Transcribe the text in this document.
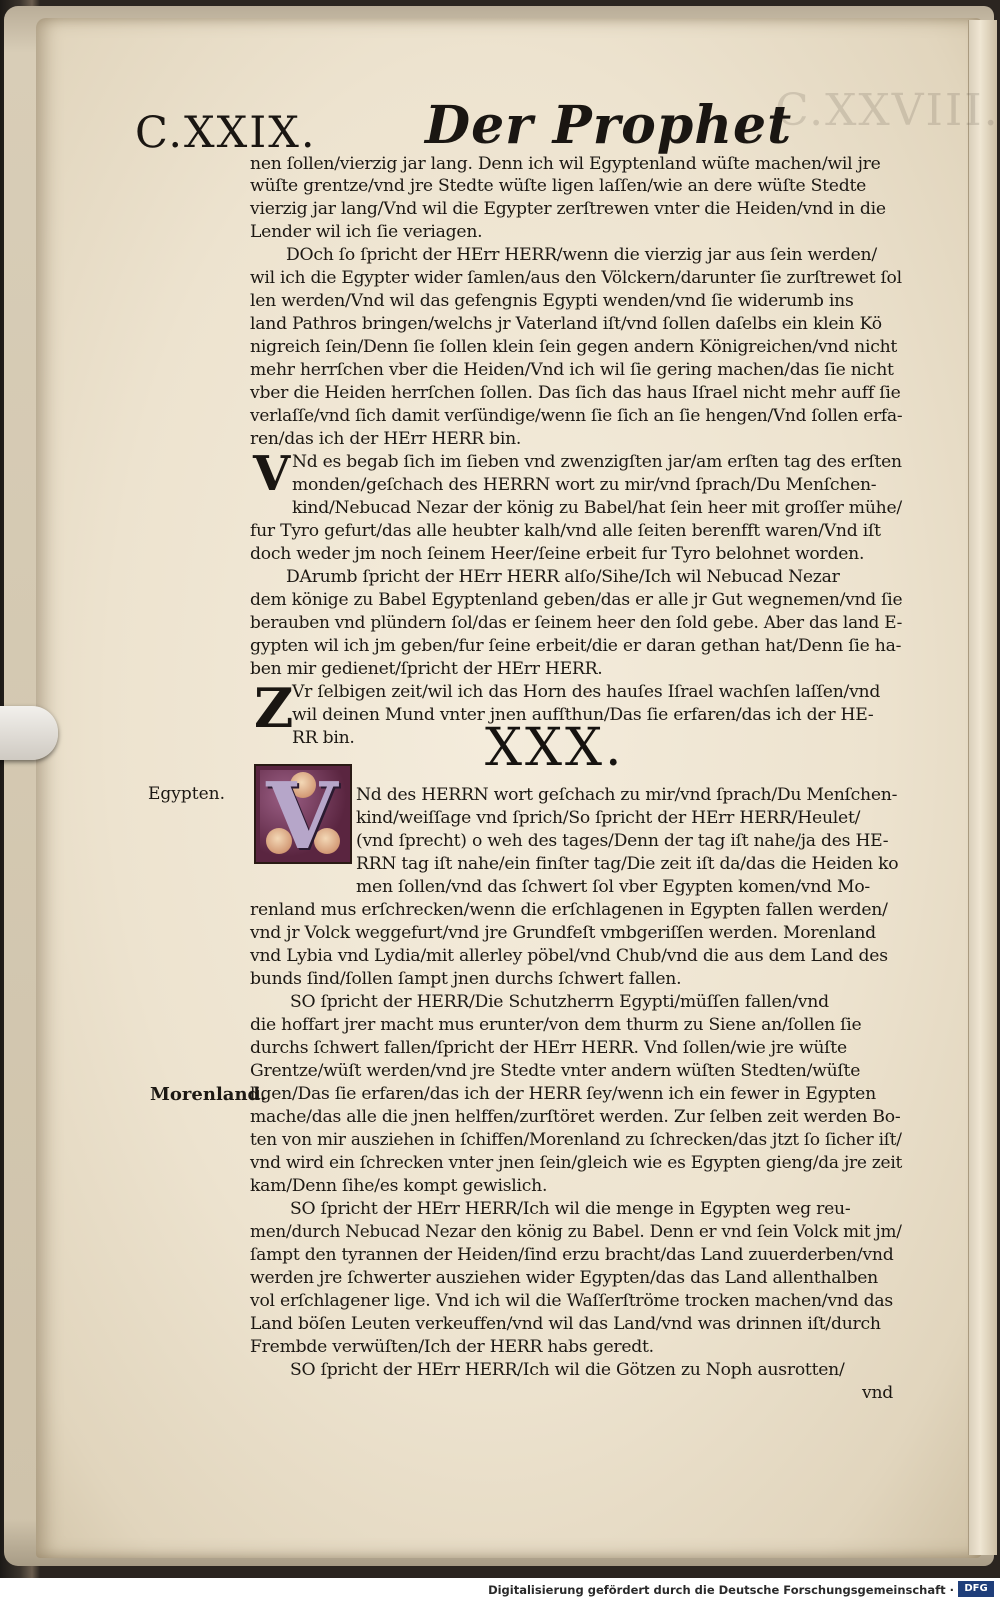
C.XXVIII.
C.XXIX. Der Prophet
nen ſollen/vierzig jar lang. Denn ich wil Egyptenland wüſte machen/wil jre
wüſte grentze/vnd jre Stedte wüſte ligen laſſen/wie an dere wüſte Stedte
vierzig jar lang/Vnd wil die Egypter zerſtrewen vnter die Heiden/vnd in die
Lender wil ich ſie veriagen.
DOch ſo ſpricht der HErr HERR/wenn die vierzig jar aus ſein werden/
wil ich die Egypter wider ſamlen/aus den Völckern/darunter ſie zurſtrewet ſol
len werden/Vnd wil das gefengnis Egypti wenden/vnd ſie widerumb ins
land Pathros bringen/welchs jr Vaterland iſt/vnd ſollen daſelbs ein klein Kö
nigreich ſein/Denn ſie ſollen klein ſein gegen andern Königreichen/vnd nicht
mehr herrſchen vber die Heiden/Vnd ich wil ſie gering machen/das ſie nicht
vber die Heiden herrſchen ſollen. Das ſich das haus Iſrael nicht mehr auff ſie
verlaſſe/vnd ſich damit verſündige/wenn ſie ſich an ſie hengen/Vnd ſollen erfa-
ren/das ich der HErr HERR bin.
Nd es begab ſich im ſieben vnd zwenzigſten jar/am erſten tag des erſten
monden/geſchach des HERRN wort zu mir/vnd ſprach/Du Menſchen-
kind/Nebucad Nezar der könig zu Babel/hat ſein heer mit groſſer mühe/
fur Tyro gefurt/das alle heubter kalh/vnd alle ſeiten berenfft waren/Vnd iſt
doch weder jm noch ſeinem Heer/ſeine erbeit fur Tyro belohnet worden.
DArumb ſpricht der HErr HERR alſo/Sihe/Ich wil Nebucad Nezar
dem könige zu Babel Egyptenland geben/das er alle jr Gut wegnemen/vnd ſie
berauben vnd plündern ſol/das er ſeinem heer den ſold gebe. Aber das land E-
gypten wil ich jm geben/fur ſeine erbeit/die er daran gethan hat/Denn ſie ha-
ben mir gedienet/ſpricht der HErr HERR.
Vr ſelbigen zeit/wil ich das Horn des hauſes Iſrael wachſen laſſen/vnd
wil deinen Mund vnter jnen aufſthun/Das ſie erfaren/das ich der HE-
RR bin.
Nd des HERRN wort geſchach zu mir/vnd ſprach/Du Menſchen-
kind/weiſſage vnd ſprich/So ſpricht der HErr HERR/Heulet/
(vnd ſprecht) o weh des tages/Denn der tag iſt nahe/ja des HE-
RRN tag iſt nahe/ein finſter tag/Die zeit iſt da/das die Heiden ko
men ſollen/vnd das ſchwert ſol vber Egypten komen/vnd Mo-
renland mus erſchrecken/wenn die erſchlagenen in Egypten fallen werden/
vnd jr Volck weggefurt/vnd jre Grundfeſt vmbgeriſſen werden. Morenland
vnd Lybia vnd Lydia/mit allerley pöbel/vnd Chub/vnd die aus dem Land des
bunds ſind/ſollen ſampt jnen durchs ſchwert fallen.
SO ſpricht der HERR/Die Schutzherrn Egypti/müſſen fallen/vnd
die hoffart jrer macht mus erunter/von dem thurm zu Siene an/ſollen ſie
durchs ſchwert fallen/ſpricht der HErr HERR. Vnd ſollen/wie jre wüſte
Grentze/wüſt werden/vnd jre Stedte vnter andern wüſten Stedten/wüſte
ligen/Das ſie erfaren/das ich der HERR ſey/wenn ich ein fewer in Egypten
mache/das alle die jnen helffen/zurſtöret werden. Zur ſelben zeit werden Bo-
ten von mir ausziehen in ſchiffen/Morenland zu ſchrecken/das jtzt ſo ſicher iſt/
vnd wird ein ſchrecken vnter jnen ſein/gleich wie es Egypten gieng/da jre zeit
kam/Denn ſihe/es kompt gewislich.
SO ſpricht der HErr HERR/Ich wil die menge in Egypten weg reu-
men/durch Nebucad Nezar den könig zu Babel. Denn er vnd ſein Volck mit jm/
ſampt den tyrannen der Heiden/ſind erzu bracht/das Land zuuerderben/vnd
werden jre ſchwerter ausziehen wider Egypten/das das Land allenthalben
vol erſchlagener lige. Vnd ich wil die Waſſerſtröme trocken machen/vnd das
Land böſen Leuten verkeuffen/vnd wil das Land/vnd was drinnen iſt/durch
Frembde verwüſten/Ich der HERR habs geredt.
SO ſpricht der HErr HERR/Ich wil die Götzen zu Noph ausrotten/
vnd
V
Z
XXX.
V
Egypten.
Morenland.
Digitalisierung gefördert durch die Deutsche Forschungsgemeinschaft ·	DFG
